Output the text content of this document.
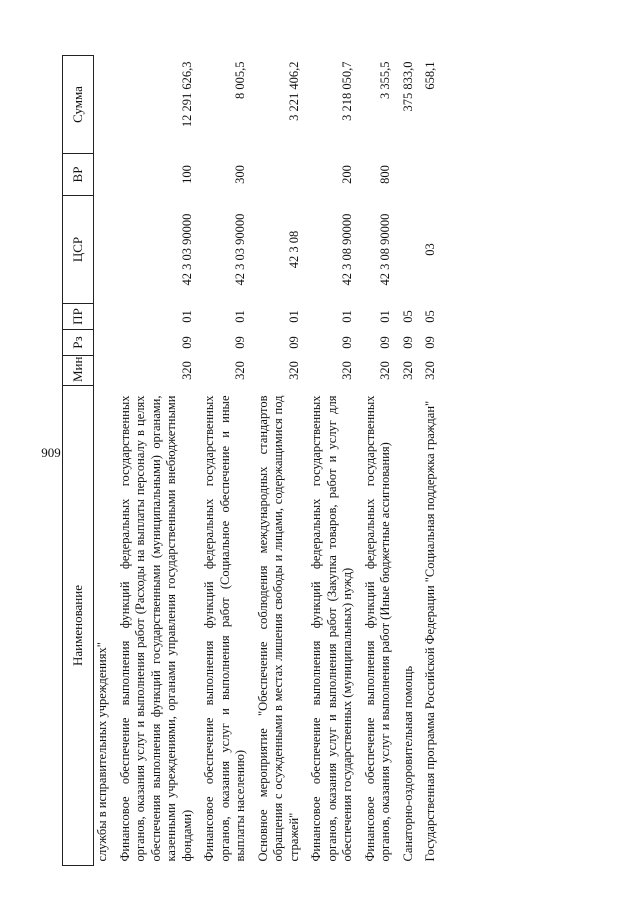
909
Наименование	Мин	Рз	ПР	ЦСР	ВР	Сумма
службы в исправительных учреждениях"						
Финансовое обеспечение выполнения функций федеральных государственных органов, оказания услуг и выполнения работ (Расходы на выплаты персоналу в целях обеспечения выполнения функций государственными (муниципальными) органами, казенными учреждениями, органами управления государственными внебюджетными фондами)	320	09	01	42 3 03 90000	100	12 291 626,3
Финансовое обеспечение выполнения функций федеральных государственных органов, оказания услуг и выполнения работ (Социальное обеспечение и иные выплаты населению)	320	09	01	42 3 03 90000	300	8 005,5
Основное мероприятие "Обеспечение соблюдения международных стандартов обращения с осужденными в местах лишения свободы и лицами, содержащимися под стражей"	320	09	01	42 3 08		3 221 406,2
Финансовое обеспечение выполнения функций федеральных государственных органов, оказания услуг и выполнения работ (Закупка товаров, работ и услуг для обеспечения государственных (муниципальных) нужд)	320	09	01	42 3 08 90000	200	3 218 050,7
Финансовое обеспечение выполнения функций федеральных государственных органов, оказания услуг и выполнения работ (Иные бюджетные ассигнования)	320	09	01	42 3 08 90000	800	3 355,5
Санаторно-оздоровительная помощь	320	09	05			375 833,0
Государственная программа Российской Федерации "Социальная поддержка граждан"	320	09	05	03		658,1
